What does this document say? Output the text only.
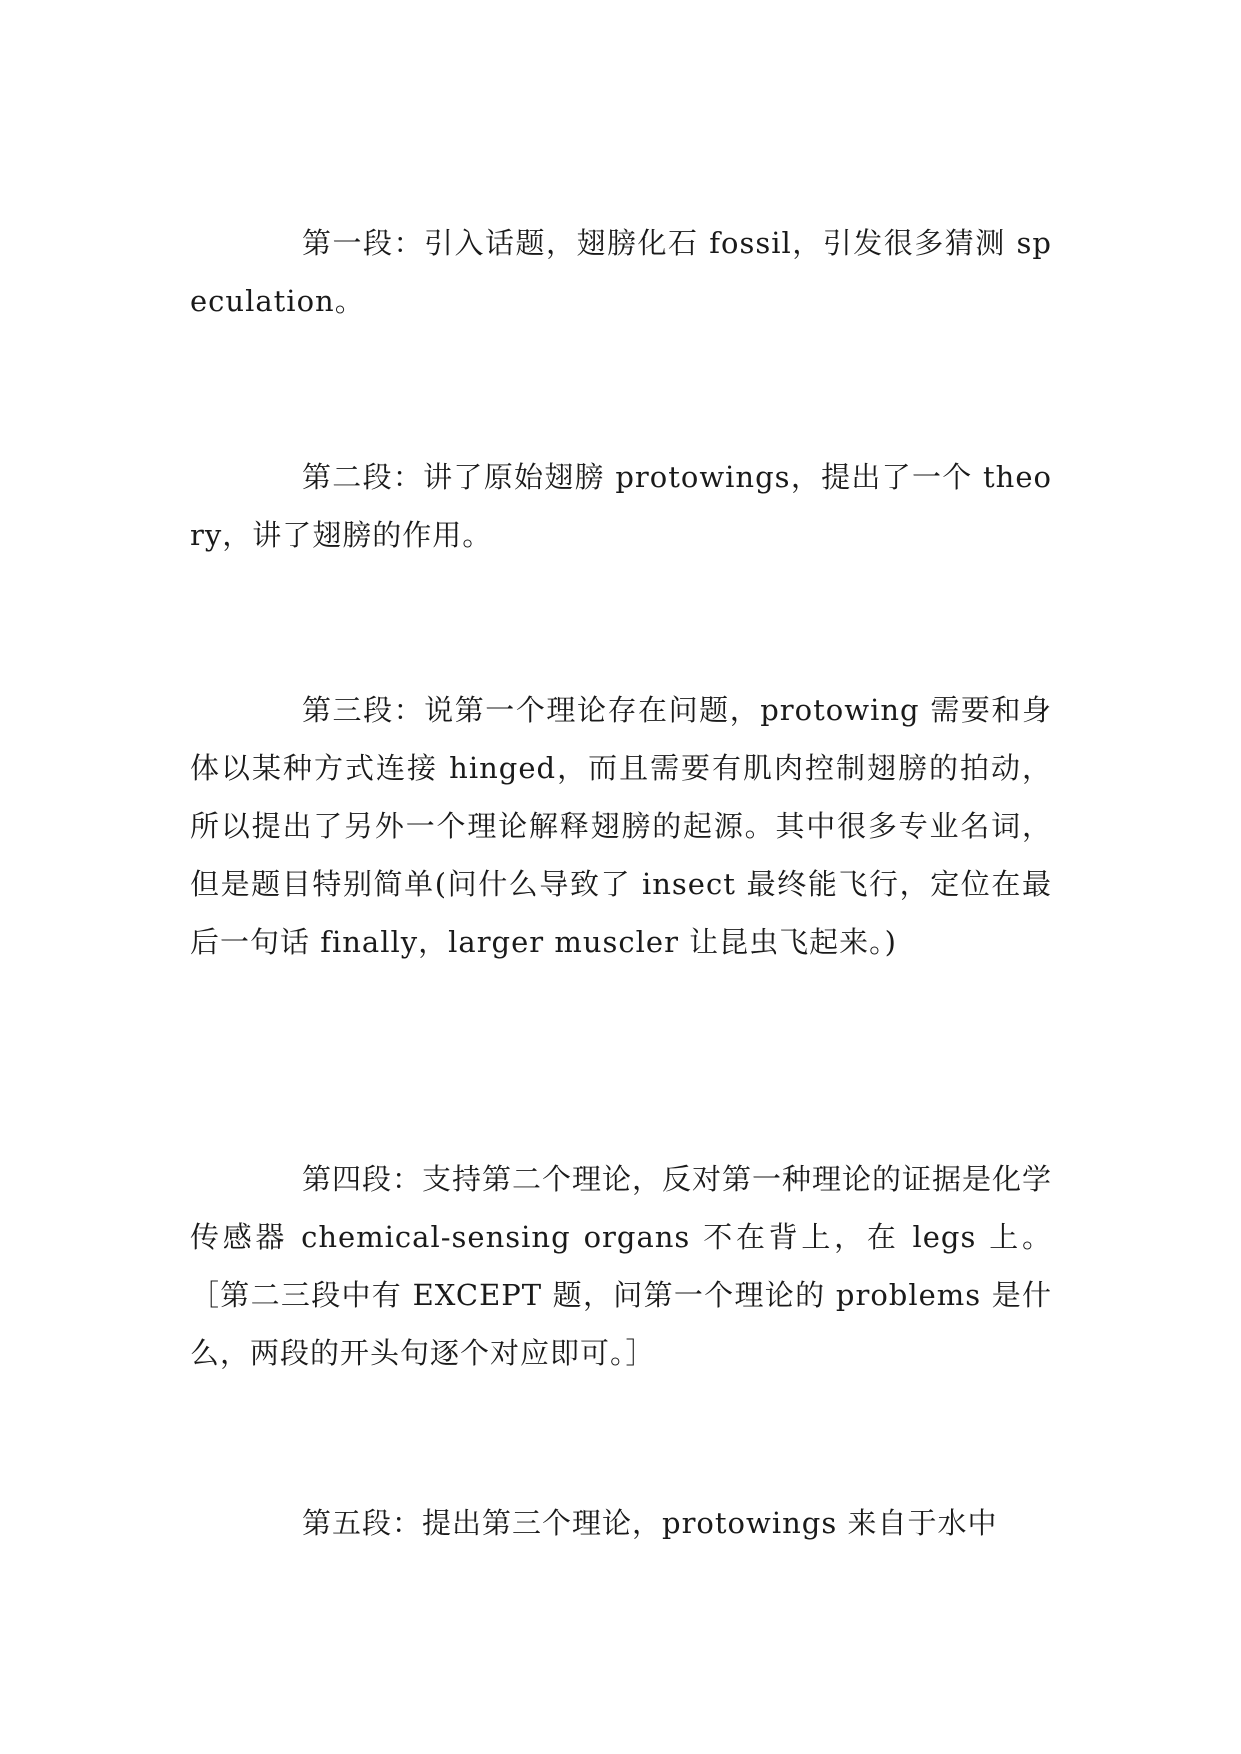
第一段：引入话题，翅膀化石 fossil，引发很多猜测 speculation。

第二段：讲了原始翅膀 protowings，提出了一个 theory，讲了翅膀的作用。

第三段：说第一个理论存在问题，protowing 需要和身体以某种方式连接 hinged，而且需要有肌肉控制翅膀的拍动，所以提出了另外一个理论解释翅膀的起源。其中很多专业名词，但是题目特别简单(问什么导致了 insect 最终能飞行，定位在最后一句话 finally，larger muscler 让昆虫飞起来。)

第四段：支持第二个理论，反对第一种理论的证据是化学传感器 chemical-sensing organs 不在背上，在 legs 上。［第二三段中有 EXCEPT 题，问第一个理论的 problems 是什么，两段的开头句逐个对应即可。］

第五段：提出第三个理论，protowings 来自于水中
